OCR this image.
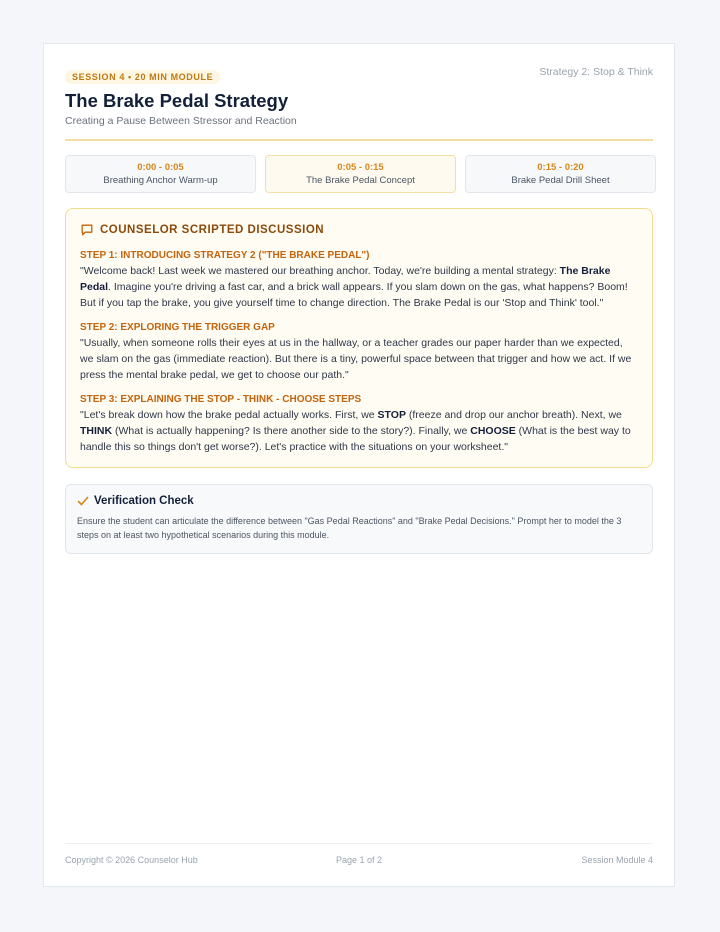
SESSION 4 • 20 MIN MODULE	Strategy 2: Stop & Think
The Brake Pedal Strategy
Creating a Pause Between Stressor and Reaction
0:00 - 0:05
Breathing Anchor Warm-up
0:05 - 0:15
The Brake Pedal Concept
0:15 - 0:20
Brake Pedal Drill Sheet
COUNSELOR SCRIPTED DISCUSSION
STEP 1: INTRODUCING STRATEGY 2 ("THE BRAKE PEDAL")
"Welcome back! Last week we mastered our breathing anchor. Today, we're building a mental strategy: The Brake Pedal. Imagine you're driving a fast car, and a brick wall appears. If you slam down on the gas, what happens? Boom! But if you tap the brake, you give yourself time to change direction. The Brake Pedal is our 'Stop and Think' tool."
STEP 2: EXPLORING THE TRIGGER GAP
"Usually, when someone rolls their eyes at us in the hallway, or a teacher grades our paper harder than we expected, we slam on the gas (immediate reaction). But there is a tiny, powerful space between that trigger and how we act. If we press the mental brake pedal, we get to choose our path."
STEP 3: EXPLAINING THE STOP - THINK - CHOOSE STEPS
"Let's break down how the brake pedal actually works. First, we STOP (freeze and drop our anchor breath). Next, we THINK (What is actually happening? Is there another side to the story?). Finally, we CHOOSE (What is the best way to handle this so things don't get worse?). Let's practice with the situations on your worksheet."
Verification Check
Ensure the student can articulate the difference between "Gas Pedal Reactions" and "Brake Pedal Decisions." Prompt her to model the 3 steps on at least two hypothetical scenarios during this module.
Copyright © 2026 Counselor Hub	Page 1 of 2	Session Module 4
